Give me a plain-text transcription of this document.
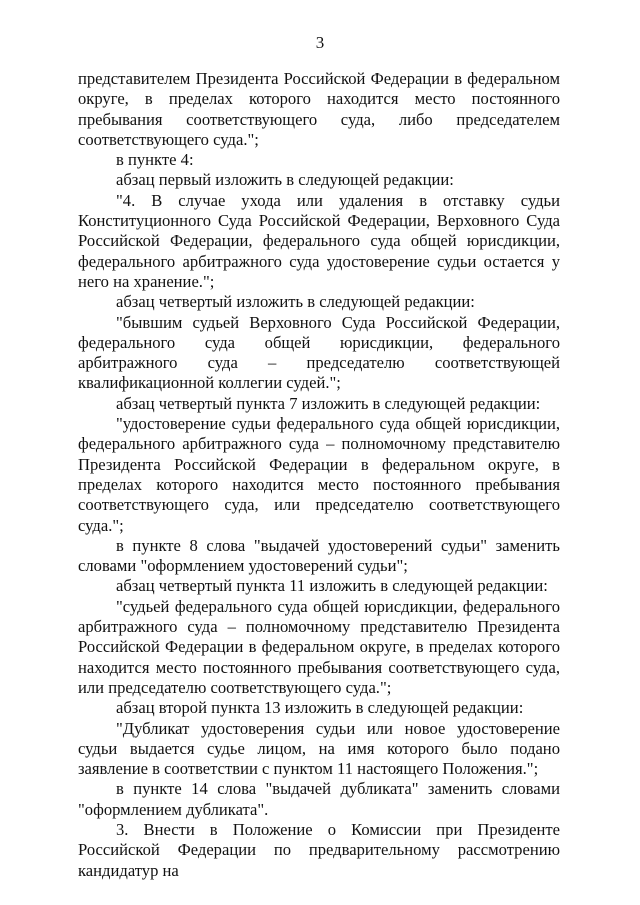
3

представителем Президента Российской Федерации в федеральном округе, в пределах которого находится место постоянного пребывания соответствующего суда, либо председателем соответствующего суда.";

в пункте 4:

абзац первый изложить в следующей редакции:

"4. В случае ухода или удаления в отставку судьи Конституционного Суда Российской Федерации, Верховного Суда Российской Федерации, федерального суда общей юрисдикции, федерального арбитражного суда удостоверение судьи остается у него на хранение.";

абзац четвертый изложить в следующей редакции:

"бывшим судьей Верховного Суда Российской Федерации, федерального суда общей юрисдикции, федерального арбитражного суда – председателю соответствующей квалификационной коллегии судей.";

абзац четвертый пункта 7 изложить в следующей редакции:

"удостоверение судьи федерального суда общей юрисдикции, федерального арбитражного суда – полномочному представителю Президента Российской Федерации в федеральном округе, в пределах которого находится место постоянного пребывания соответствующего суда, или председателю соответствующего суда.";

в пункте 8 слова "выдачей удостоверений судьи" заменить словами "оформлением удостоверений судьи";

абзац четвертый пункта 11 изложить в следующей редакции:

"судьей федерального суда общей юрисдикции, федерального арбитражного суда – полномочному представителю Президента Российской Федерации в федеральном округе, в пределах которого находится место постоянного пребывания соответствующего суда, или председателю соответствующего суда.";

абзац второй пункта 13 изложить в следующей редакции:

"Дубликат удостоверения судьи или новое удостоверение судьи выдается судье лицом, на имя которого было подано заявление в соответствии с пунктом 11 настоящего Положения.";

в пункте 14 слова "выдачей дубликата" заменить словами "оформлением дубликата".

3. Внести в Положение о Комиссии при Президенте Российской Федерации по предварительному рассмотрению кандидатур на
